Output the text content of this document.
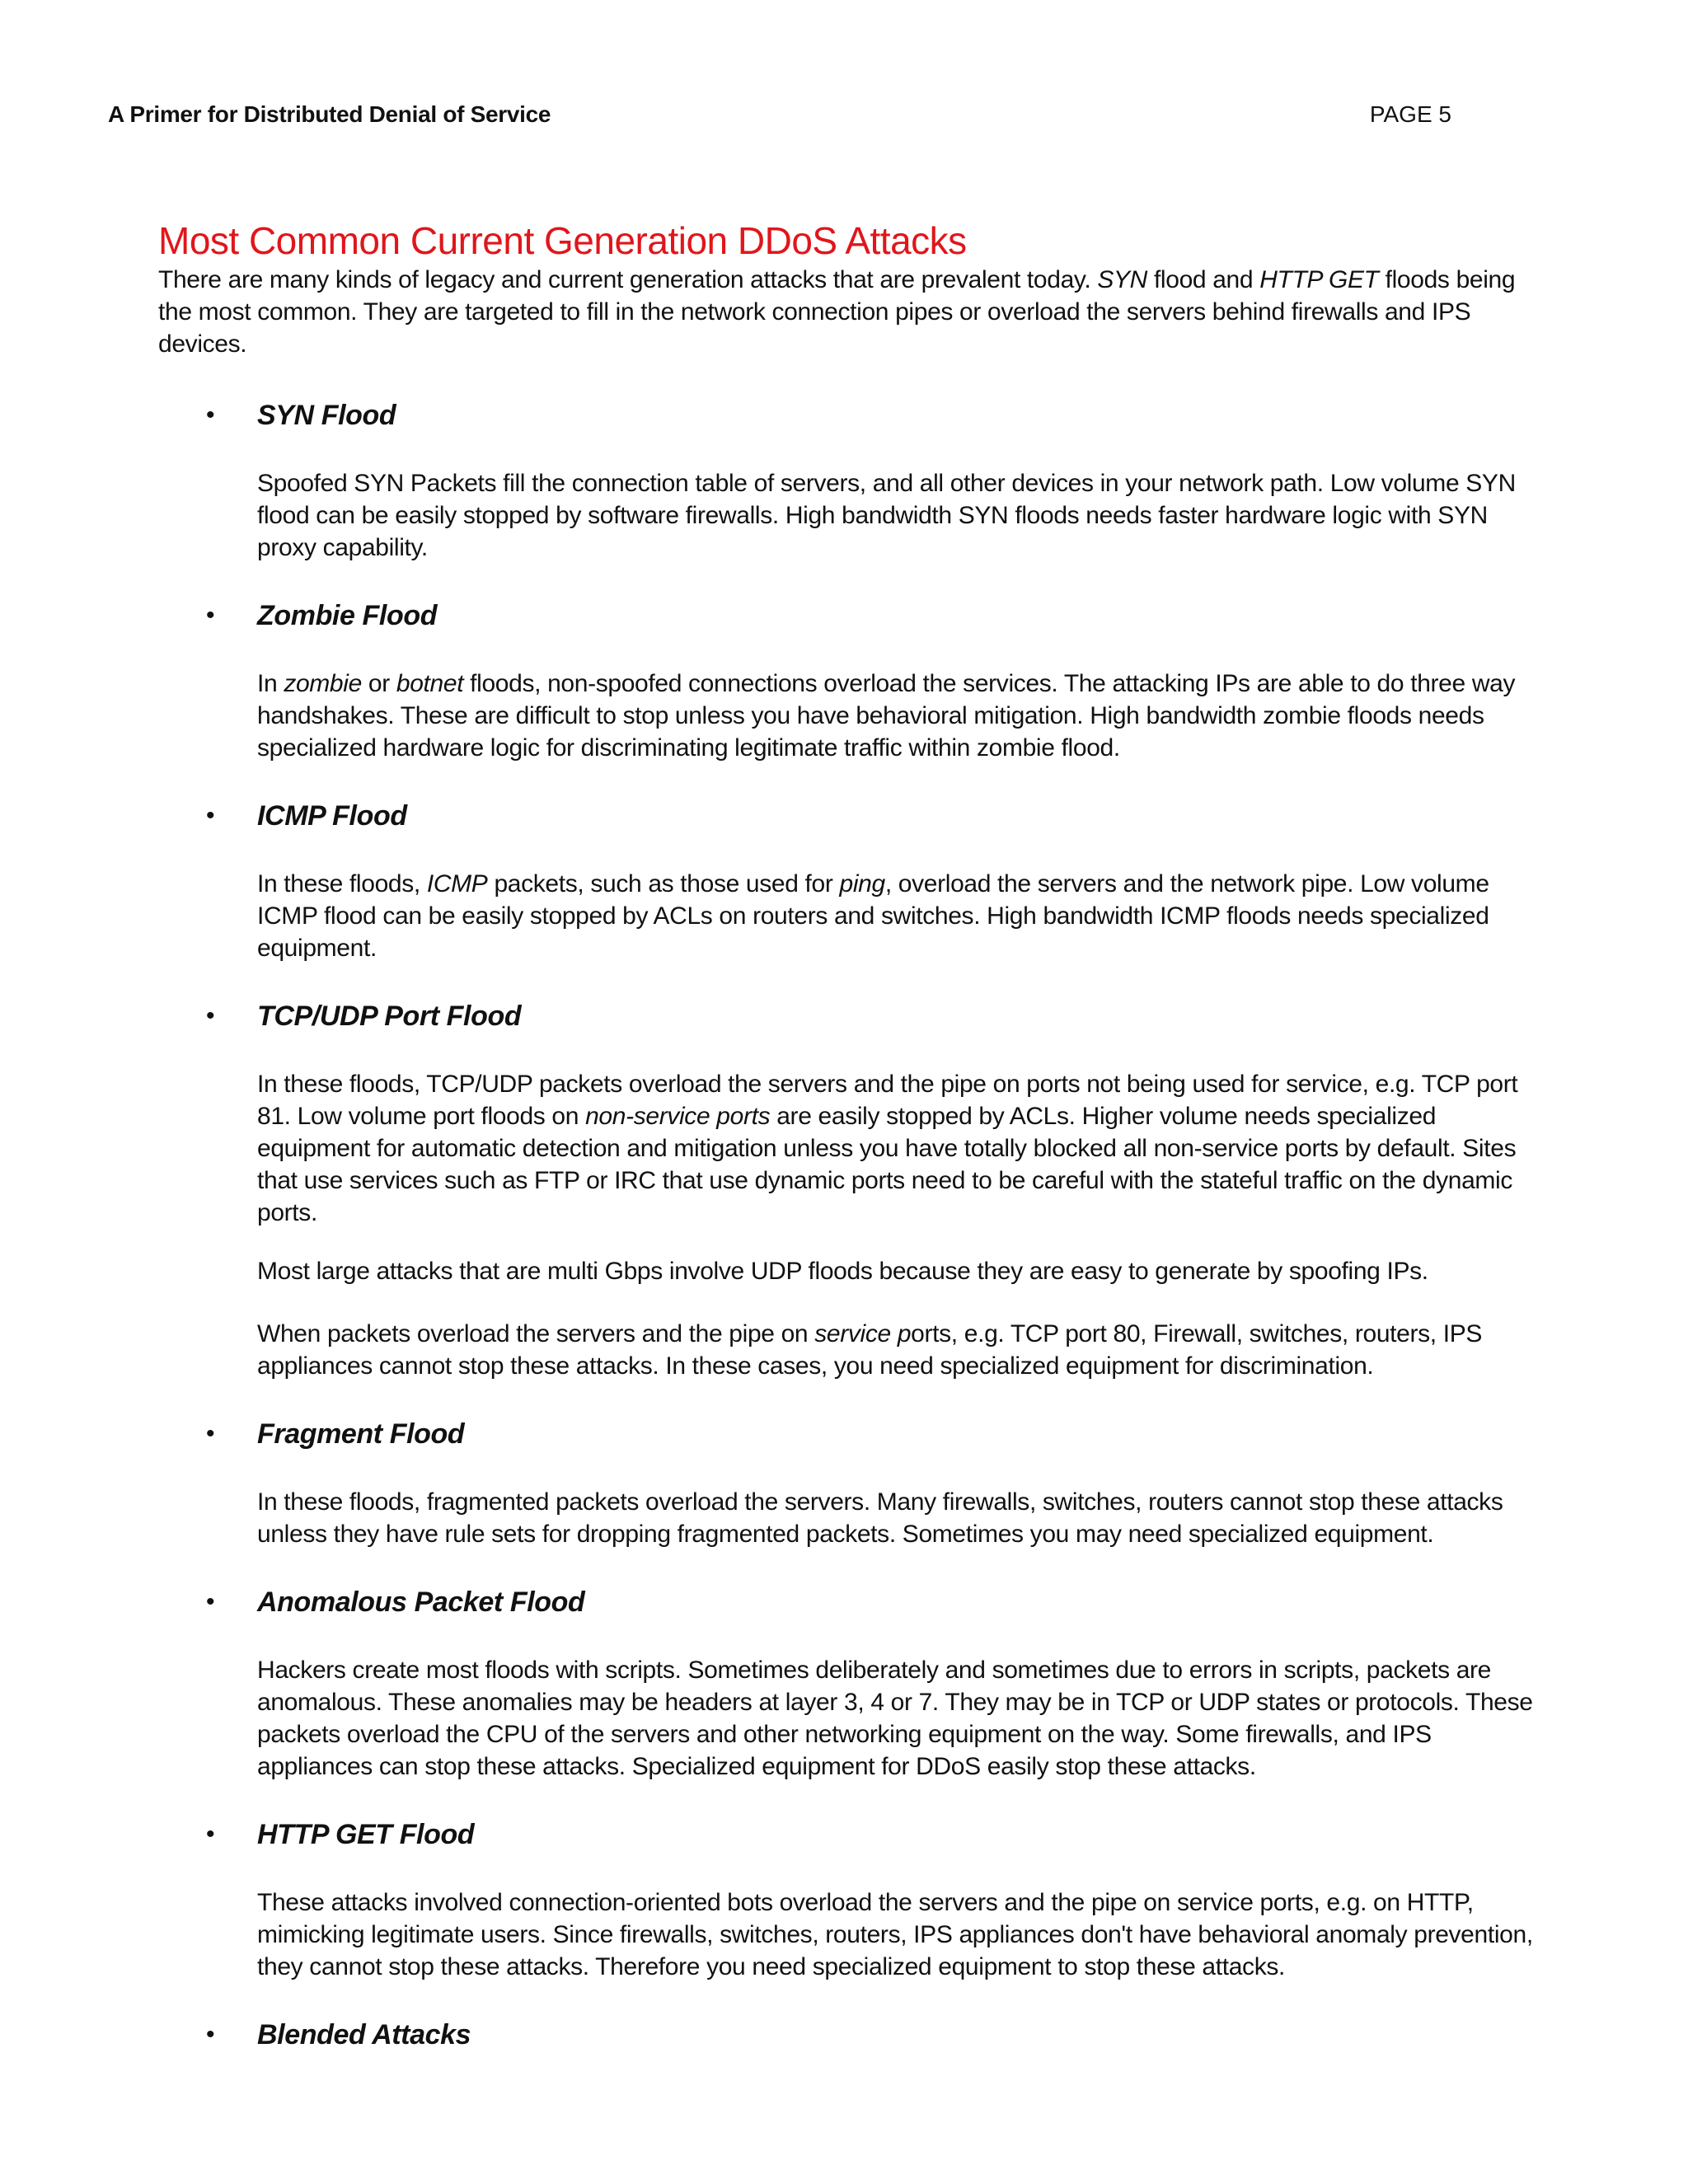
A Primer for Distributed Denial of Service	PAGE 5
Most Common Current Generation DDoS Attacks

There are many kinds of legacy and current generation attacks that are prevalent today. SYN flood and HTTP GET floods being the most common. They are targeted to fill in the network connection pipes or overload the servers behind firewalls and IPS devices.

• SYN Flood

Spoofed SYN Packets fill the connection table of servers, and all other devices in your network path. Low volume SYN flood can be easily stopped by software firewalls. High bandwidth SYN floods needs faster hardware logic with SYN proxy capability.

• Zombie Flood

In zombie or botnet floods, non-spoofed connections overload the services. The attacking IPs are able to do three way handshakes. These are difficult to stop unless you have behavioral mitigation. High bandwidth zombie floods needs specialized hardware logic for discriminating legitimate traffic within zombie flood.

• ICMP Flood

In these floods, ICMP packets, such as those used for ping, overload the servers and the network pipe. Low volume ICMP flood can be easily stopped by ACLs on routers and switches. High bandwidth ICMP floods needs specialized equipment.

• TCP/UDP Port Flood

In these floods, TCP/UDP packets overload the servers and the pipe on ports not being used for service, e.g. TCP port 81. Low volume port floods on non-service ports are easily stopped by ACLs. Higher volume needs specialized equipment for automatic detection and mitigation unless you have totally blocked all non-service ports by default. Sites that use services such as FTP or IRC that use dynamic ports need to be careful with the stateful traffic on the dynamic ports.

Most large attacks that are multi Gbps involve UDP floods because they are easy to generate by spoofing IPs.

When packets overload the servers and the pipe on service ports, e.g. TCP port 80, Firewall, switches, routers, IPS appliances cannot stop these attacks. In these cases, you need specialized equipment for discrimination.

• Fragment Flood

In these floods, fragmented packets overload the servers. Many firewalls, switches, routers cannot stop these attacks unless they have rule sets for dropping fragmented packets. Sometimes you may need specialized equipment.

• Anomalous Packet Flood

Hackers create most floods with scripts. Sometimes deliberately and sometimes due to errors in scripts, packets are anomalous. These anomalies may be headers at layer 3, 4 or 7. They may be in TCP or UDP states or protocols. These packets overload the CPU of the servers and other networking equipment on the way. Some firewalls, and IPS appliances can stop these attacks. Specialized equipment for DDoS easily stop these attacks.

• HTTP GET Flood

These attacks involved connection-oriented bots overload the servers and the pipe on service ports, e.g. on HTTP, mimicking legitimate users. Since firewalls, switches, routers, IPS appliances don't have behavioral anomaly prevention, they cannot stop these attacks. Therefore you need specialized equipment to stop these attacks.

• Blended Attacks
